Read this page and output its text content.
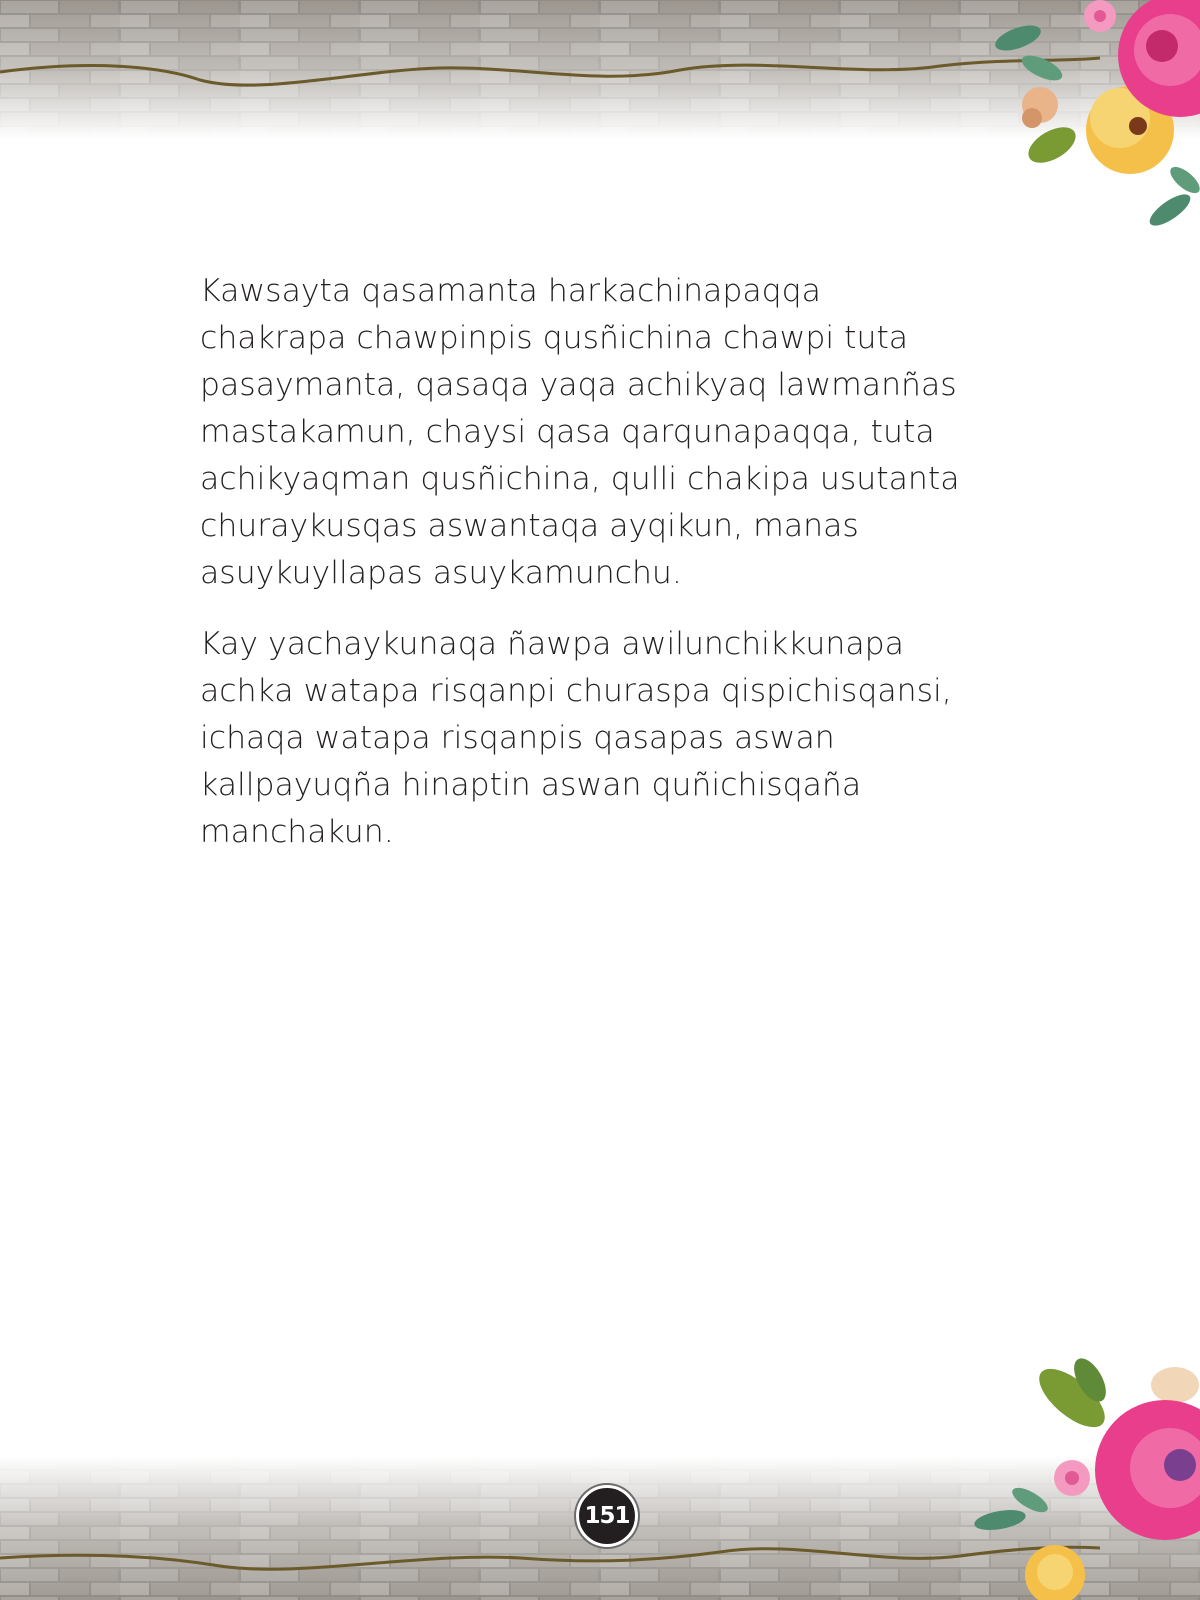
Kawsayta qasamanta harkachinapaqqa
chakrapa chawpinpis qusñichina chawpi tuta
pasaymanta, qasaqa yaqa achikyaq lawmanñas
mastakamun, chaysi qasa qarqunapaqqa, tuta
achikyaqman qusñichina, qulli chakipa usutanta
churaykusqas aswantaqa ayqikun, manas
asuykuyllapas asuykamunchu.

Kay yachaykunaqa ñawpa awilunchikkunapa
achka watapa risqanpi churaspa qispichisqansi,
ichaqa watapa risqanpis qasapas aswan
kallpayuqña hinaptin aswan quñichisqaña
manchakun.

151
